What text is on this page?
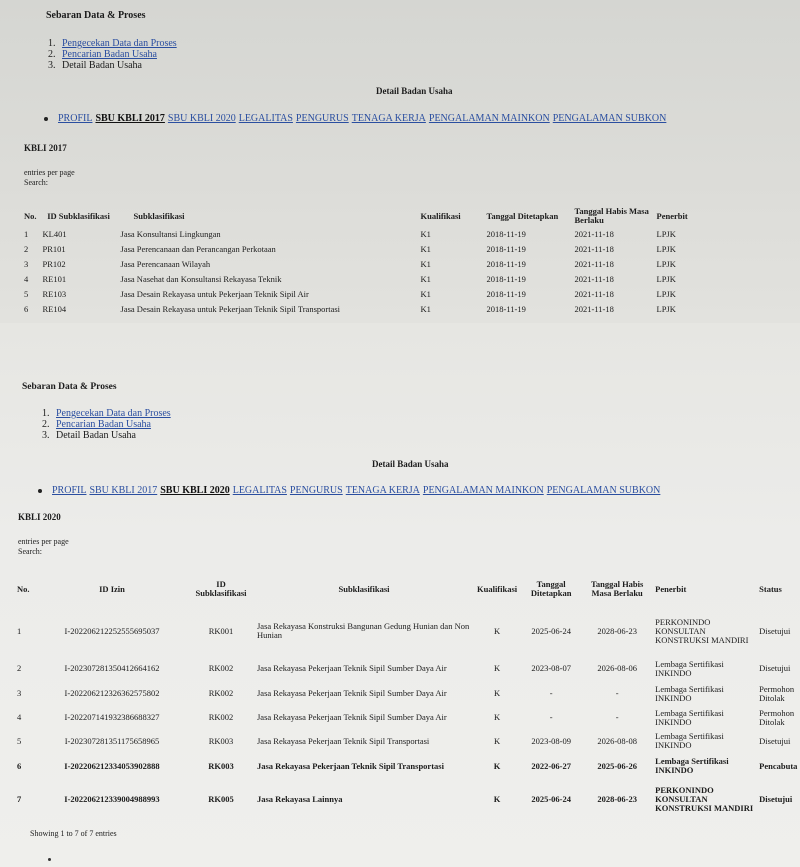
Sebaran Data & Proses
1. Pengecekan Data dan Proses
2. Pencarian Badan Usaha
3. Detail Badan Usaha
Detail Badan Usaha
PROFIL SBU KBLI 2017 SBU KBLI 2020 LEGALITAS PENGURUS TENAGA KERJA PENGALAMAN MAINKON PENGALAMAN SUBKON
KBLI 2017
entries per page
Search:
No.	ID Subklasifikasi	Subklasifikasi	Kualifikasi	Tanggal Ditetapkan	Tanggal Habis Masa Berlaku	Penerbit
1	KL401	Jasa Konsultansi Lingkungan	K1	2018-11-19	2021-11-18	LPJK
2	PR101	Jasa Perencanaan dan Perancangan Perkotaan	K1	2018-11-19	2021-11-18	LPJK
3	PR102	Jasa Perencanaan Wilayah	K1	2018-11-19	2021-11-18	LPJK
4	RE101	Jasa Nasehat dan Konsultansi Rekayasa Teknik	K1	2018-11-19	2021-11-18	LPJK
5	RE103	Jasa Desain Rekayasa untuk Pekerjaan Teknik Sipil Air	K1	2018-11-19	2021-11-18	LPJK
6	RE104	Jasa Desain Rekayasa untuk Pekerjaan Teknik Sipil Transportasi	K1	2018-11-19	2021-11-18	LPJK
Sebaran Data & Proses
1. Pengecekan Data dan Proses
2. Pencarian Badan Usaha
3. Detail Badan Usaha
Detail Badan Usaha
PROFIL SBU KBLI 2017 SBU KBLI 2020 LEGALITAS PENGURUS TENAGA KERJA PENGALAMAN MAINKON PENGALAMAN SUBKON
KBLI 2020
entries per page
Search:
No.	ID Izin	ID Subklasifikasi	Subklasifikasi	Kualifikasi	Tanggal Ditetapkan	Tanggal Habis Masa Berlaku	Penerbit	Status
1	I-202206212252555695037	RK001	Jasa Rekayasa Konstruksi Bangunan Gedung Hunian dan Non Hunian	K	2025-06-24	2028-06-23	PERKONINDO KONSULTAN KONSTRUKSI MANDIRI	Disetujui
2	I-202307281350412664162	RK002	Jasa Rekayasa Pekerjaan Teknik Sipil Sumber Daya Air	K	2023-08-07	2026-08-06	Lembaga Sertifikasi INKINDO	Disetujui
3	I-202206212326362575802	RK002	Jasa Rekayasa Pekerjaan Teknik Sipil Sumber Daya Air	K	-	-	Lembaga Sertifikasi INKINDO	Permohon Ditolak
4	I-202207141932386688327	RK002	Jasa Rekayasa Pekerjaan Teknik Sipil Sumber Daya Air	K	-	-	Lembaga Sertifikasi INKINDO	Permohon Ditolak
5	I-202307281351175658965	RK003	Jasa Rekayasa Pekerjaan Teknik Sipil Transportasi	K	2023-08-09	2026-08-08	Lembaga Sertifikasi INKINDO	Disetujui
6	I-202206212334053902888	RK003	Jasa Rekayasa Pekerjaan Teknik Sipil Transportasi	K	2022-06-27	2025-06-26	Lembaga Sertifikasi INKINDO	Pencabuta
7	I-202206212339004988993	RK005	Jasa Rekayasa Lainnya	K	2025-06-24	2028-06-23	PERKONINDO KONSULTAN KONSTRUKSI MANDIRI	Disetujui
Showing 1 to 7 of 7 entries
